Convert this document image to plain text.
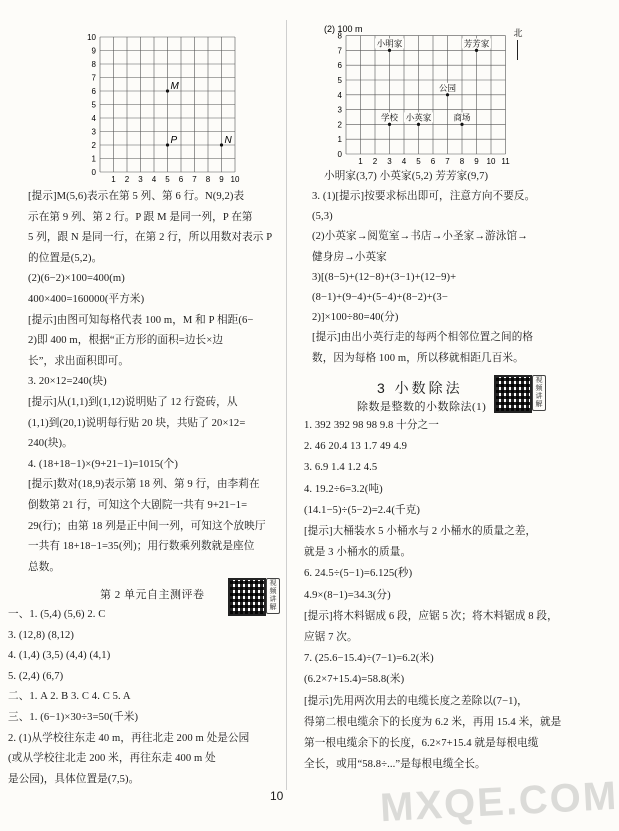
10
9
8
7
6
5
4
3
2
1
0
1 2 3 4 5 6 7 8 9 10
M
P	N
[提示]M(5,6)表示在第 5 列、第 6 行。N(9,2)表
示在第 9 列、第 2 行。P 跟 M 是同一列，P 在第
5 列，跟 N 是同一行，在第 2 行，所以用数对表示 P
的位置是(5,2)。
(2)(6−2)×100=400(m)
400×400=160000(平方米)
[提示]由图可知每格代表 100 m，M 和 P 相距(6−
2)即 400 m，根据“正方形的面积=边长×边
长”，求出面积即可。
3. 20×12=240(块)
[提示]从(1,1)到(1,12)说明贴了 12 行瓷砖，从
(1,1)到(20,1)说明每行贴 20 块，共贴了 20×12=
240(块)。
4. (18+18−1)×(9+21−1)=1015(个)
[提示]数对(18,9)表示第 18 列、第 9 行，由李莉在
倒数第 21 行，可知这个大剧院一共有 9+21−1=
29(行)；由第 18 列是正中间一列，可知这个放映厅
一共有 18+18−1=35(列)；用行数乘列数就是座位
总数。
第 2 单元自主测评卷
视频讲解
一、1. (5,4) (5,6) 2. C
3. (12,8) (8,12)
4. (1,4) (3,5) (4,4) (4,1)
5. (2,4) (6,7)
二、1. A 2. B 3. C 4. C 5. A
三、1. (6−1)×30÷3=50(千米)
2. (1)从学校往东走 40 m，再往北走 200 m 处是公园
(或从学校往北走 200 米，再往东走 400 m 处
是公园)，具体位置是(7,5)。
(2) 100 m	北
8
7
6
5
4
3
2
1
0
1 2 3 4 5 6 7 8 9 10 11
小明家	芳芳家
公园
学校 小英家	商场
小明家(3,7) 小英家(5,2) 芳芳家(9,7)
3. (1)[提示]按要求标出即可，注意方向不要反。
(5,3)
(2)小英家→阅览室→书店→小圣家→游泳馆→
健身房→小英家
3)[(8−5)+(12−8)+(3−1)+(12−9)+
(8−1)+(9−4)+(5−4)+(8−2)+(3−
2)]×100÷80=40(分)
[提示]由出小英行走的每两个相邻位置之间的格
数，因为每格 100 m，所以移就相距几百米。
3 小数除法
除数是整数的小数除法(1)
视频讲解
1. 392 392 98 98 9.8 十分之一
2. 46 20.4 13 1.7 49 4.9
3. 6.9 1.4 1.2 4.5
4. 19.2÷6=3.2(吨)
(14.1−5)÷(5−2)=2.4(千克)
[提示]大桶装水 5 小桶水与 2 小桶水的质量之差，
就是 3 小桶水的质量。
6. 24.5÷(5−1)=6.125(秒)
4.9×(8−1)=34.3(分)
[提示]将木料锯成 6 段，应锯 5 次；将木料锯成 8 段，
应锯 7 次。
7. (25.6−15.4)÷(7−1)=6.2(米)
(6.2×7+15.4)=58.8(米)
[提示]先用两次用去的电缆长度之差除以(7−1)，
得第二根电缆余下的长度为 6.2 米，再用 15.4 米，就是
第一根电缆余下的长度，6.2×7+15.4 就是每根电缆
全长，或用“58.8÷...”是每根电缆全长。
10 MXQE.COM
